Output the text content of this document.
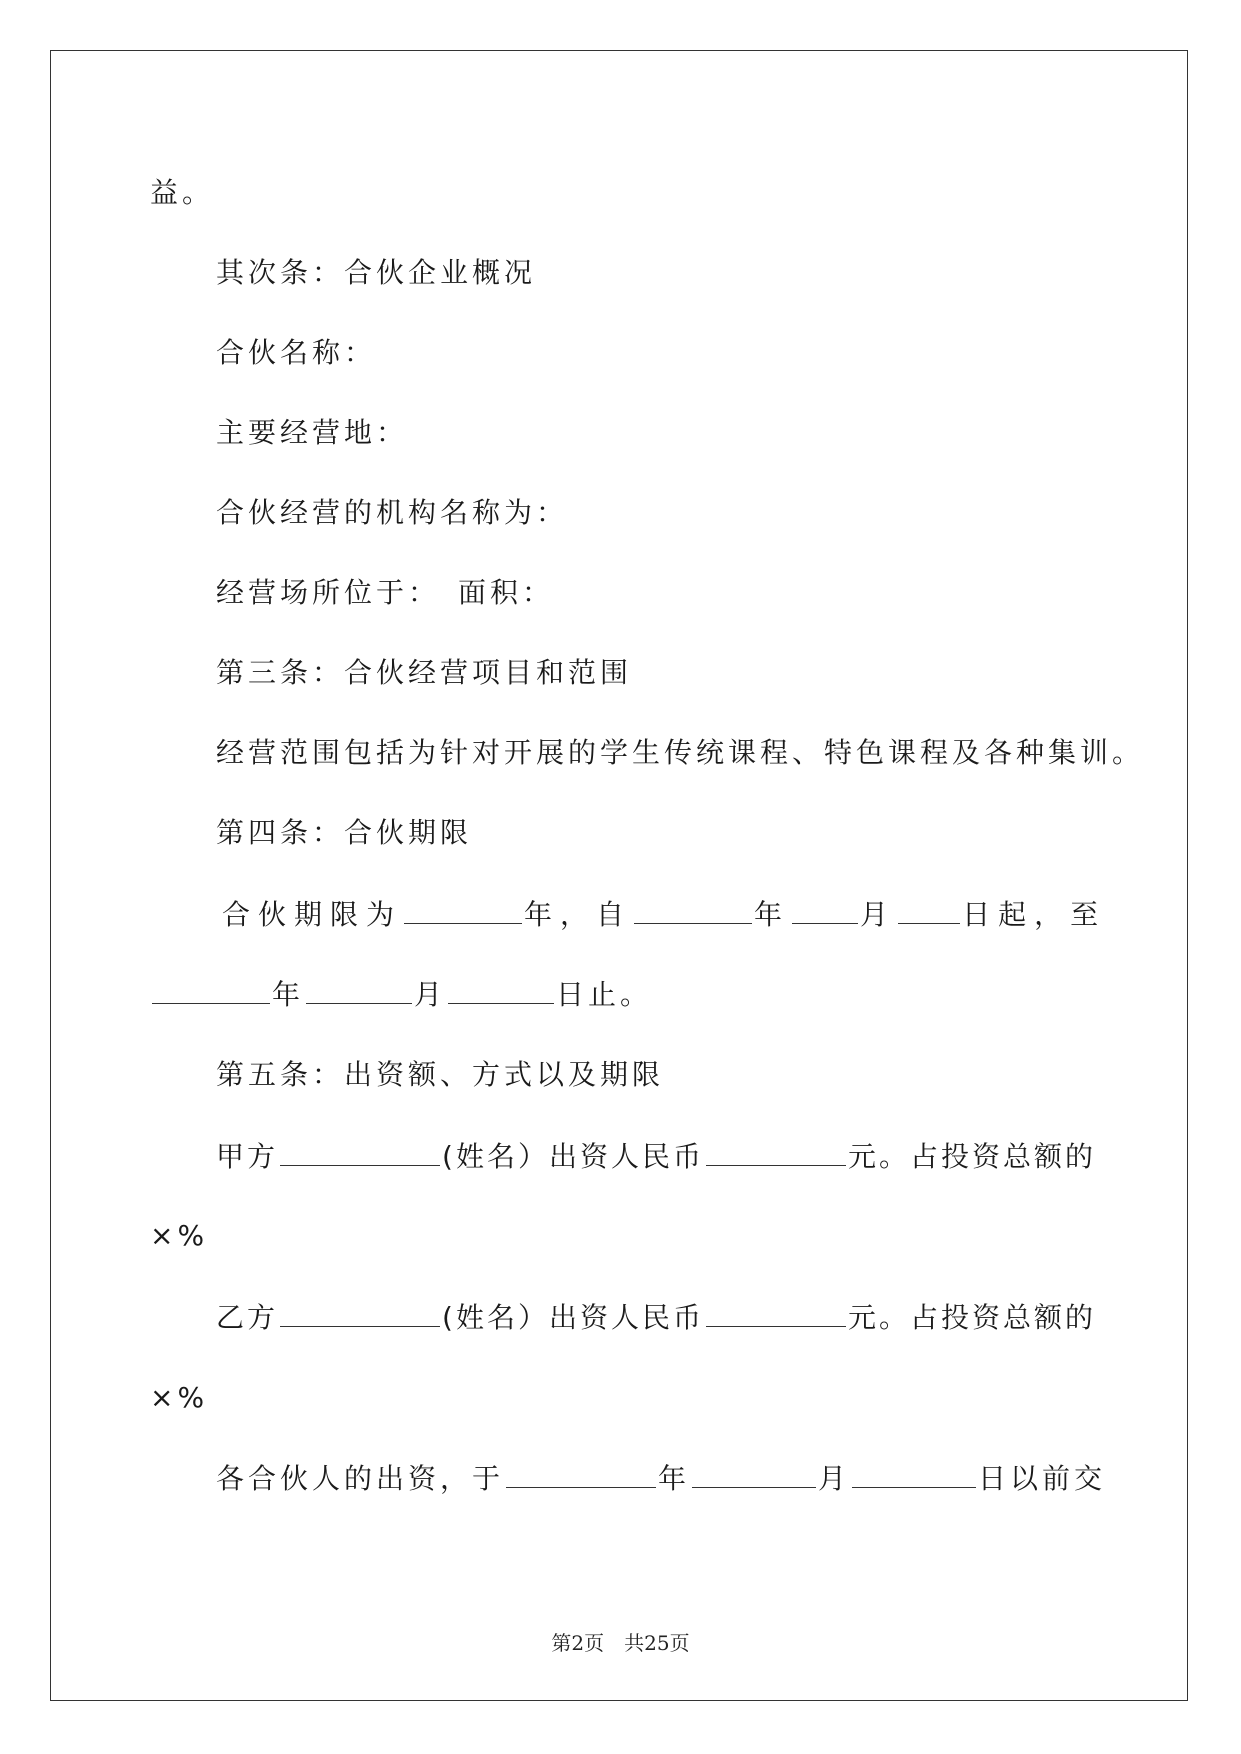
益。
其次条：合伙企业概况
合伙名称：
主要经营地：
合伙经营的机构名称为：
经营场所位于：　面积：
第三条：合伙经营项目和范围
经营范围包括为针对开展的学生传统课程、特色课程及各种集训。
第四条：合伙期限
合伙期限为	年，自	年	月 日起，至
年	月	日止。
第五条：出资额、方式以及期限
甲方	(姓名）出资人民币	元。占投资总额的
×%
乙方	(姓名）出资人民币	元。占投资总额的
×%
各合伙人的出资，于	年	月	日以前交
第2页 共25页
